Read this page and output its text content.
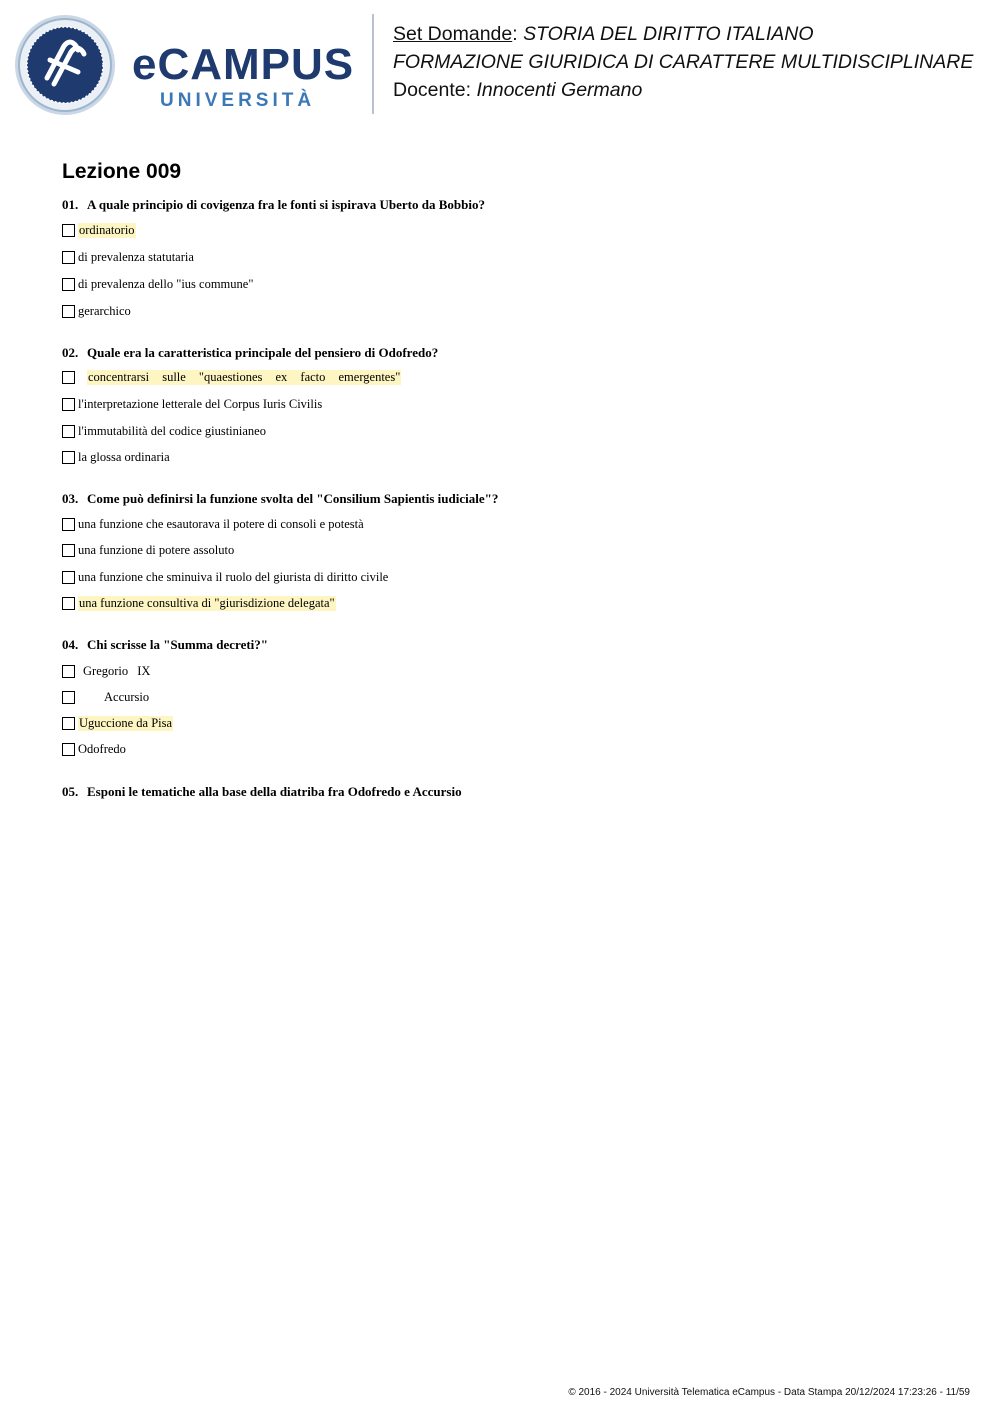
eCAMPUS
UNIVERSITÀ
Set Domande: STORIA DEL DIRITTO ITALIANO
FORMAZIONE GIURIDICA DI CARATTERE MULTIDISCIPLINARE
Docente: Innocenti Germano
Lezione 009
01. A quale principio di covigenza fra le fonti si ispirava Uberto da Bobbio?
ordinatorio
di prevalenza statutaria
di prevalenza dello "ius commune"
gerarchico
02. Quale era la caratteristica principale del pensiero di Odofredo?
concentrarsi sulle "quaestiones ex facto emergentes"
l'interpretazione letterale del Corpus Iuris Civilis
l'immutabilità del codice giustinianeo
la glossa ordinaria
03. Come può definirsi la funzione svolta del "Consilium Sapientis iudiciale"?
una funzione che esautorava il potere di consoli e potestà
una funzione di potere assoluto
una funzione che sminuiva il ruolo del giurista di diritto civile
una funzione consultiva di "giurisdizione delegata"
04. Chi scrisse la "Summa decreti?"
Gregorio IX
Accursio
Uguccione da Pisa
Odofredo
05. Esponi le tematiche alla base della diatriba fra Odofredo e Accursio
© 2016 - 2024 Università Telematica eCampus - Data Stampa 20/12/2024 17:23:26 - 11/59
